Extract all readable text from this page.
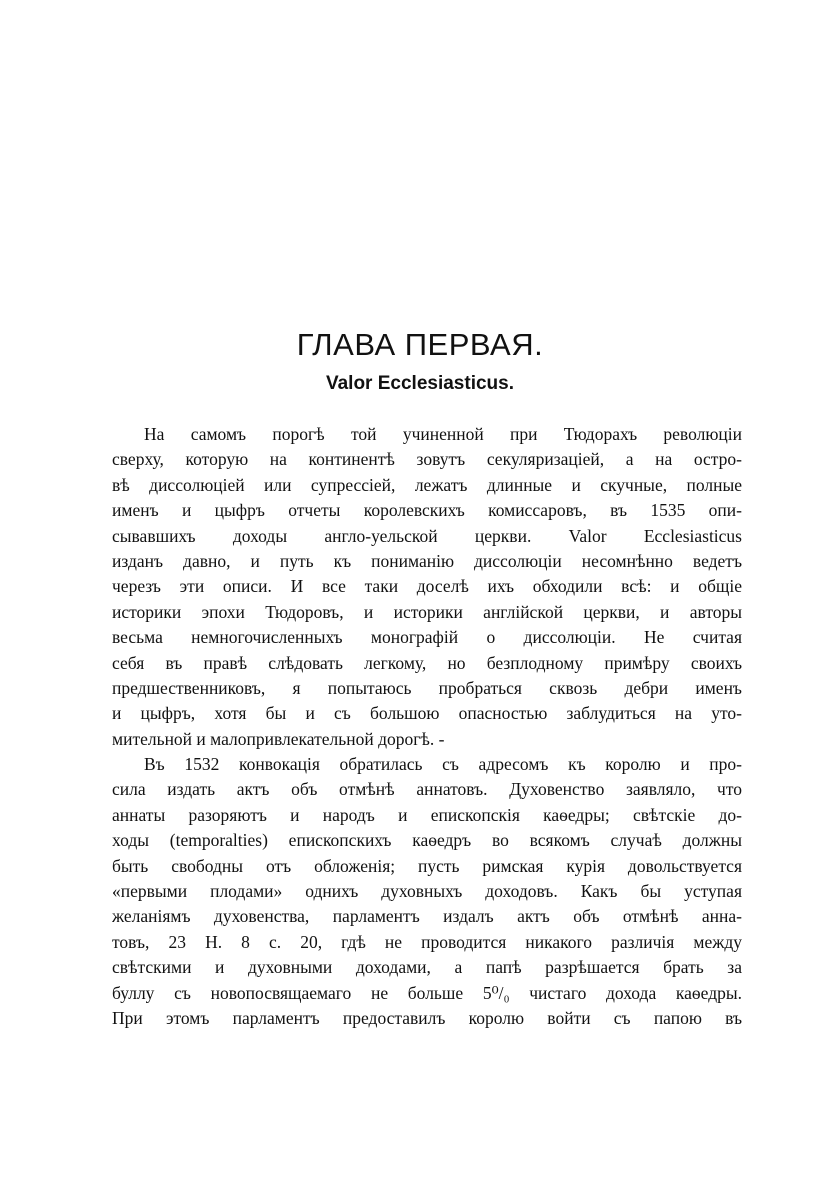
ГЛАВА ПЕРВАЯ.
Valor Ecclesiasticus.
На самомъ порогѣ той учиненной при Тюдорахъ революціи
сверху, которую на континентѣ зовутъ секуляризаціей, а на остро-
вѣ диссолюціей или супрессіей, лежатъ длинные и скучные, полные
именъ и цыфръ отчеты королевскихъ комиссаровъ, въ 1535 опи-
сывавшихъ доходы англо-уельской церкви. Valor Ecclesiasticus
изданъ давно, и путь къ пониманію диссолюціи несомнѣнно ведетъ
черезъ эти описи. И все таки доселѣ ихъ обходили всѣ: и общіе
историки эпохи Тюдоровъ, и историки англійской церкви, и авторы
весьма немногочисленныхъ монографій о диссолюціи. Не считая
себя въ правѣ слѣдовать легкому, но безплодному примѣру своихъ
предшественниковъ, я попытаюсь пробраться сквозь дебри именъ
и цыфръ, хотя бы и съ большою опасностью заблудиться на уто-
мительной и малопривлекательной дорогѣ. -
Въ 1532 конвокація обратилась съ адресомъ къ королю и про-
сила издать актъ объ отмѣнѣ аннатовъ. Духовенство заявляло, что
аннаты разоряютъ и народъ и епископскія каѳедры; свѣтскіе до-
ходы (temporalties) епископскихъ каѳедръ во всякомъ случаѣ должны
быть свободны отъ обложенія; пусть римская курія довольствуется
«первыми плодами» однихъ духовныхъ доходовъ. Какъ бы уступая
желаніямъ духовенства, парламентъ издалъ актъ объ отмѣнѣ анна-
товъ, 23 H. 8 c. 20, гдѣ не проводится никакого различія между
свѣтскими и духовными доходами, а папѣ разрѣшается брать за
буллу съ новопосвящаемаго не больше 5⁰/₀ чистаго дохода каѳедры.
При этомъ парламентъ предоставилъ королю войти съ папою въ
